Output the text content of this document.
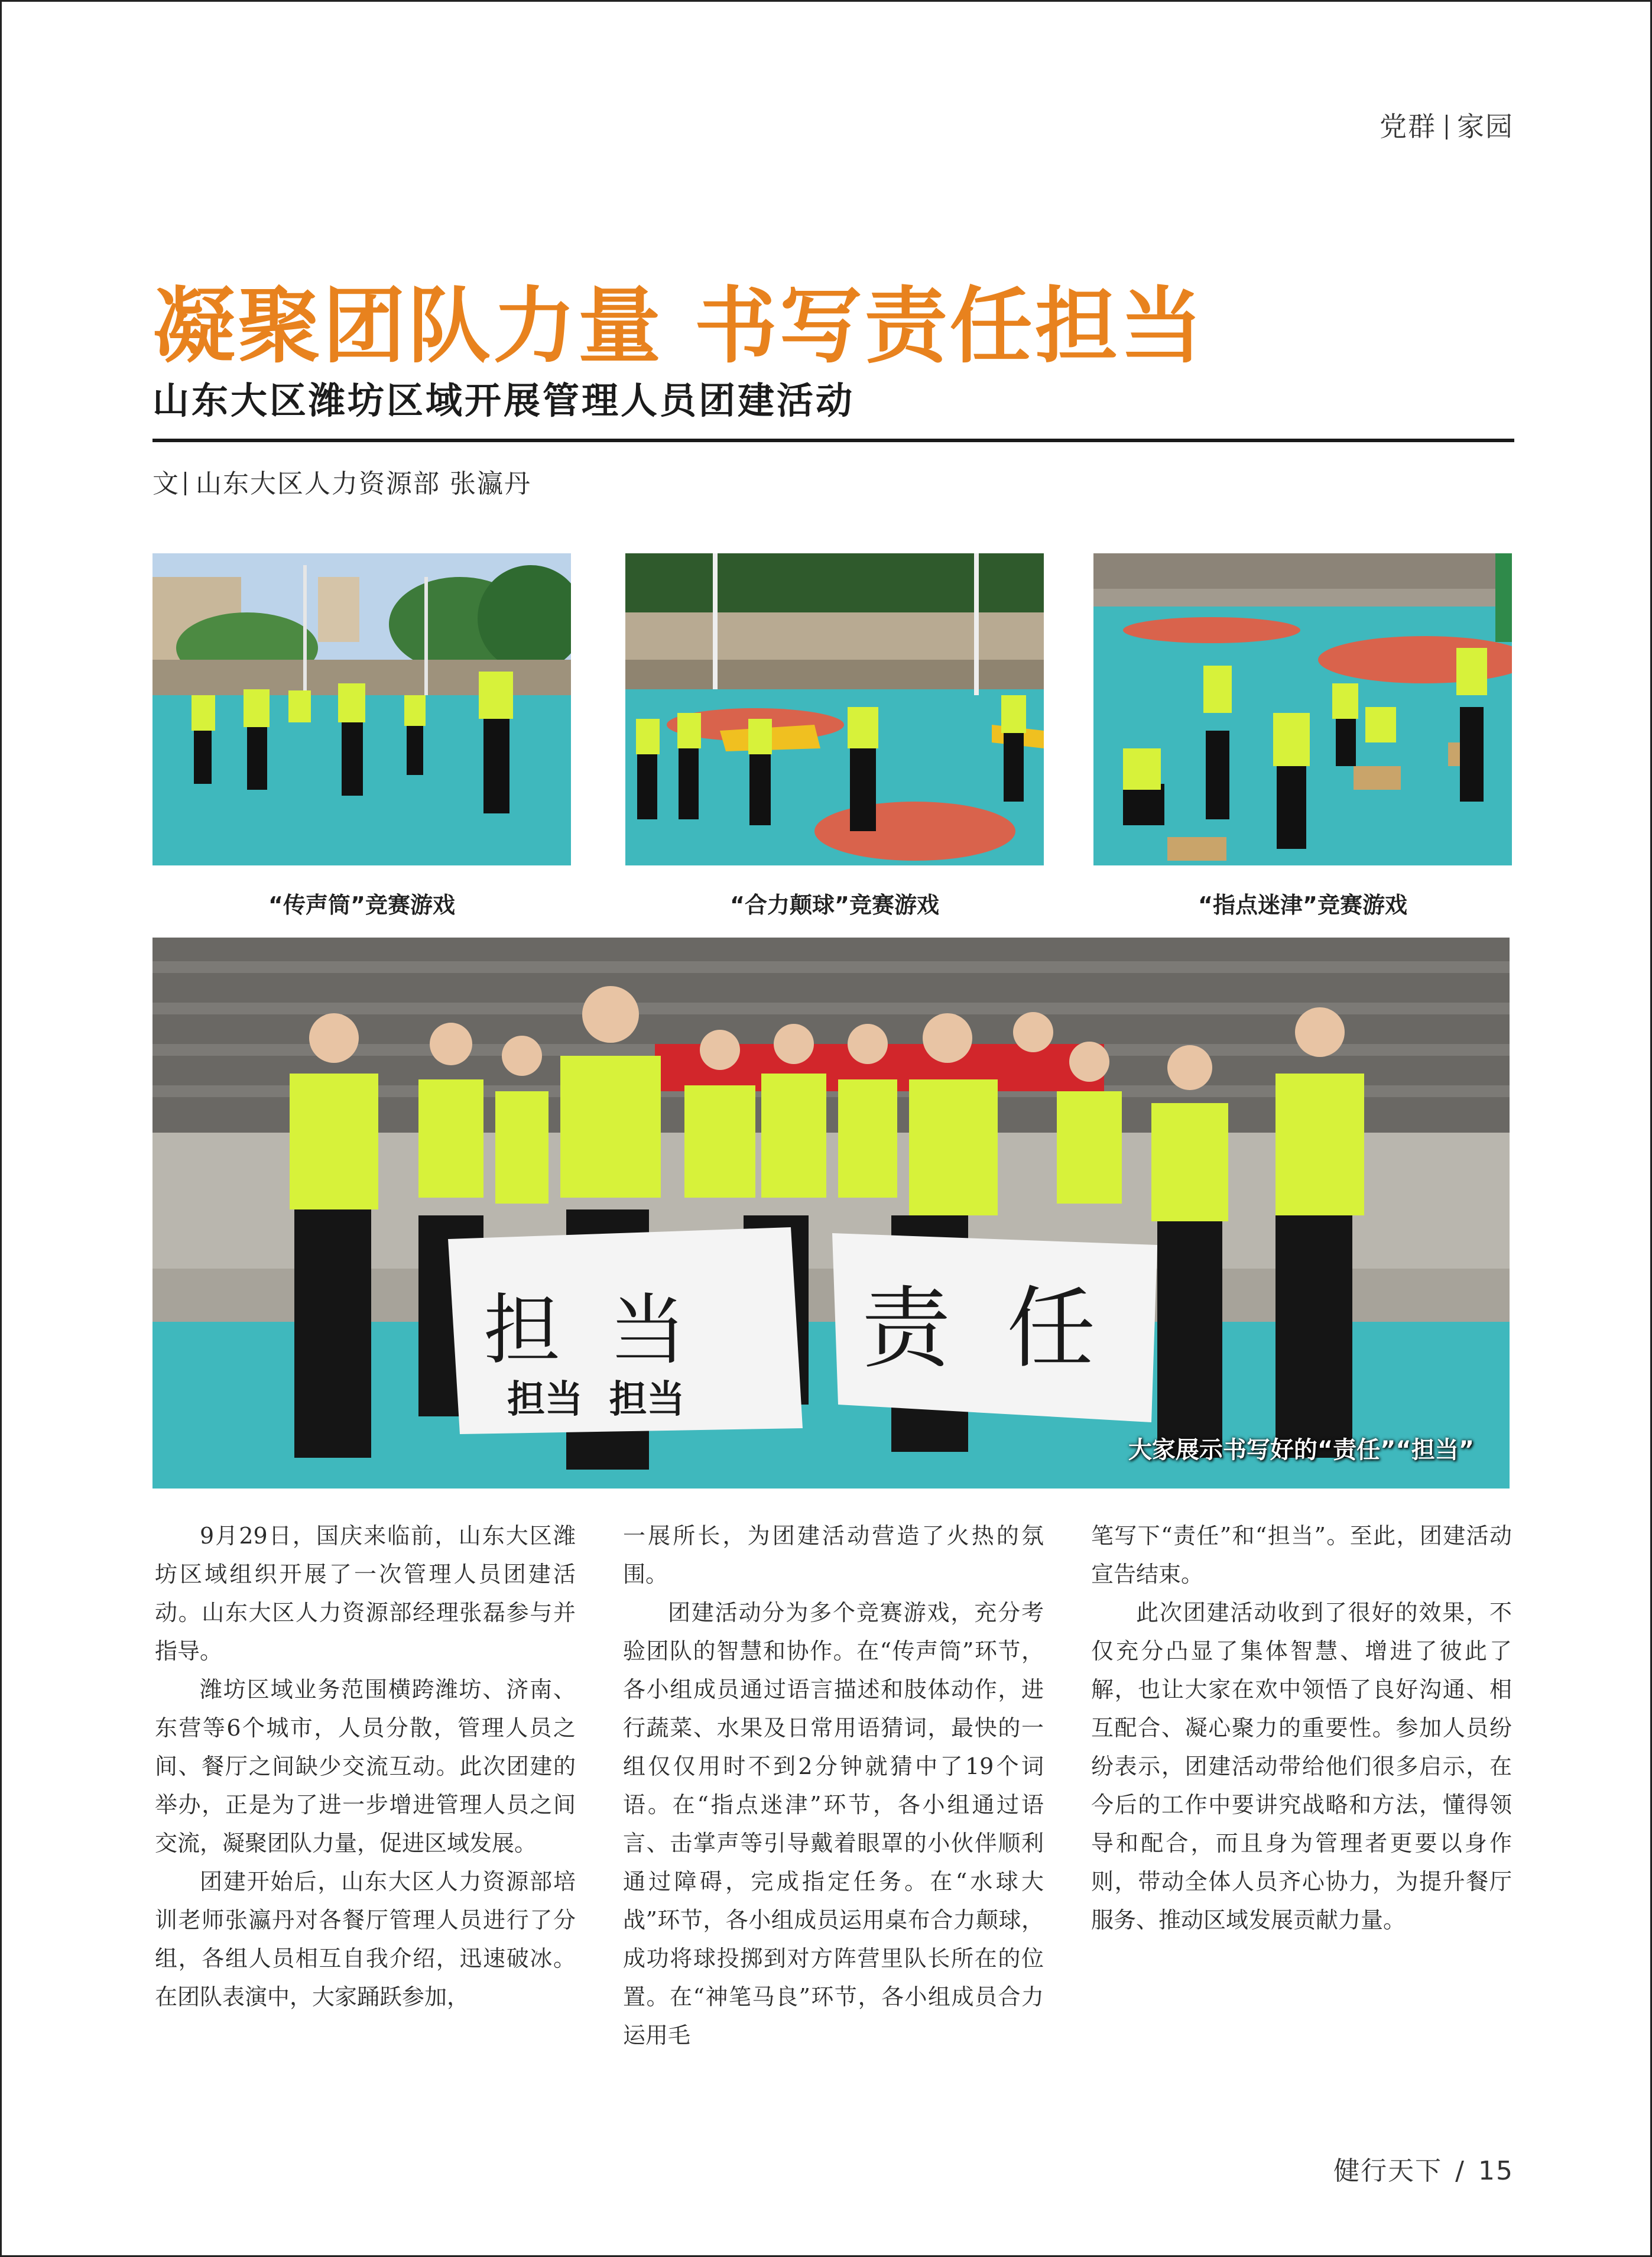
党群 家园
凝聚团队力量 书写责任担当
山东大区潍坊区域开展管理人员团建活动
文 山东大区人力资源部 张瀛丹
“传声筒”竞赛游戏	“合力颠球”竞赛游戏	“指点迷津”竞赛游戏
担  当
担当  担当
责  任
大家展示书写好的“责任”“担当”

9月29日，国庆来临前，山东大区潍坊区域组织开展了一次管理人员团建活动。山东大区人力资源部经理张磊参与并指导。

潍坊区域业务范围横跨潍坊、济南、东营等6个城市，人员分散，管理人员之间、餐厅之间缺少交流互动。此次团建的举办，正是为了进一步增进管理人员之间交流，凝聚团队力量，促进区域发展。

团建开始后，山东大区人力资源部培训老师张瀛丹对各餐厅管理人员进行了分组，各组人员相互自我介绍，迅速破冰。在团队表演中，大家踊跃参加，

一展所长，为团建活动营造了火热的氛围。

团建活动分为多个竞赛游戏，充分考验团队的智慧和协作。在“传声筒”环节，各小组成员通过语言描述和肢体动作，进行蔬菜、水果及日常用语猜词，最快的一组仅仅用时不到2分钟就猜中了19个词语。在“指点迷津”环节，各小组通过语言、击掌声等引导戴着眼罩的小伙伴顺利通过障碍，完成指定任务。在“水球大战”环节，各小组成员运用桌布合力颠球，成功将球投掷到对方阵营里队长所在的位置。在“神笔马良”环节，各小组成员合力运用毛

笔写下“责任”和“担当”。至此，团建活动宣告结束。

此次团建活动收到了很好的效果，不仅充分凸显了集体智慧、增进了彼此了解，也让大家在欢中领悟了良好沟通、相互配合、凝心聚力的重要性。参加人员纷纷表示，团建活动带给他们很多启示，在今后的工作中要讲究战略和方法，懂得领导和配合，而且身为管理者更要以身作则，带动全体人员齐心协力，为提升餐厅服务、推动区域发展贡献力量。

健行天下 / 15
